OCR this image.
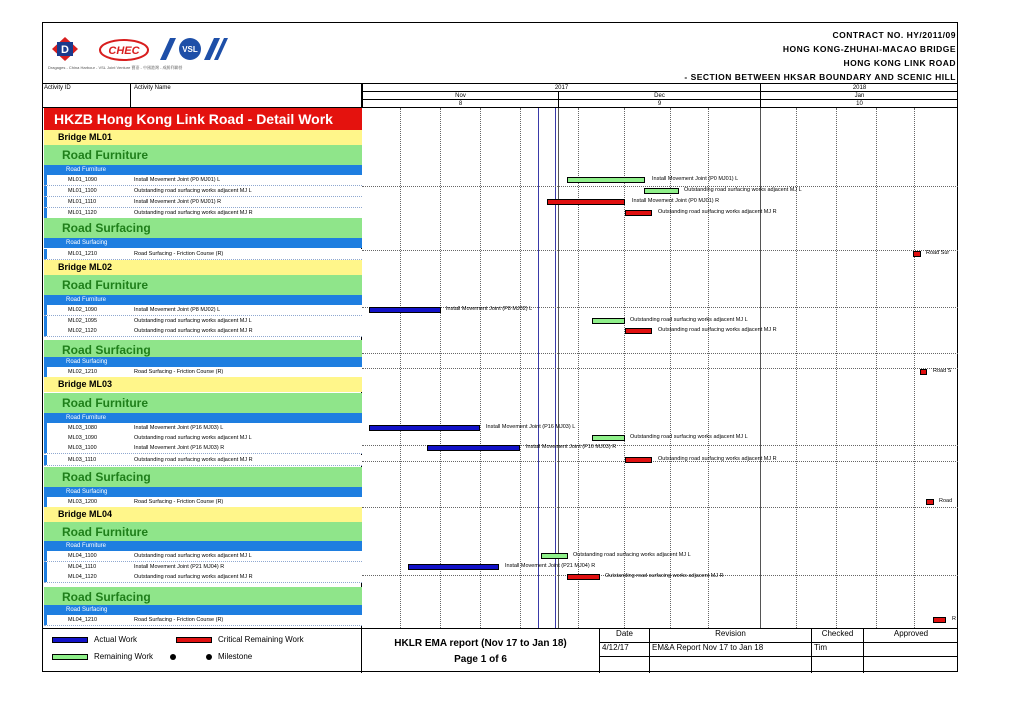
D	CHEC	VSL
Dragages - China Harbour - VSL Joint Venture 寶嘉 - 中國港灣 - 威勝利聯營
CONTRACT NO. HY/2011/09
HONG KONG-ZHUHAI-MACAO BRIDGE
HONG KONG LINK ROAD
- SECTION BETWEEN HKSAR BOUNDARY AND SCENIC HILL
Activity ID	Activity Name	2017	2018
Nov	Dec	Jan
8	9	10
HKZB Hong Kong Link Road - Detail Work
Bridge ML01
Road Furniture
Road Furniture
ML01_1090	Install Movement Joint (P0 MJ01) L
ML01_1100	Outstanding road surfacing works adjacent MJ L
ML01_1110	Install Movement Joint (P0 MJ01) R
ML01_1120	Outstanding road surfacing works adjacent MJ R
Road Surfacing
Road Surfacing
ML01_1210	Road Surfacing - Friction Course (R)
Bridge ML02
Road Furniture
Road Furniture
ML02_1090	Install Movement Joint (P8 MJ02) L
ML02_1095	Outstanding road surfacing works adjacent MJ L
ML02_1120	Outstanding road surfacing works adjacent MJ R
Road Surfacing
Road Surfacing
ML02_1210	Road Surfacing - Friction Course (R)
Bridge ML03
Road Furniture
Road Furniture
ML03_1080	Install Movement Joint (P16 MJ03) L
ML03_1090	Outstanding road surfacing works adjacent MJ L
ML03_1100	Install Movement Joint (P16 MJ03) R
ML03_1110	Outstanding road surfacing works adjacent MJ R
Road Surfacing
Road Surfacing
ML03_1200	Road Surfacing - Friction Course (R)
Bridge ML04
Road Furniture
Road Furniture
ML04_1100	Outstanding road surfacing works adjacent MJ L
ML04_1110	Install Movement Joint (P21 MJ04) R
ML04_1120	Outstanding road surfacing works adjacent MJ R
Road Surfacing
Road Surfacing
ML04_1210	Road Surfacing - Friction Course (R)
Install Movement Joint (P0 MJ01) L
Outstanding road surfacing works adjacent MJ L
Install Movement Joint (P0 MJ01) R
Outstanding road surfacing works adjacent MJ R
Road Sur
Install Movement Joint (P8 MJ02) L
Outstanding road surfacing works adjacent MJ L
Outstanding road surfacing works adjacent MJ R
Road S
Install Movement Joint (P16 MJ03) L
Outstanding road surfacing works adjacent MJ L
Install Movement Joint (P16 MJ03) R
Outstanding road surfacing works adjacent MJ R
Road
Outstanding road surfacing works adjacent MJ L
Install Movement Joint (P21 MJ04) R
Outstanding road surfacing works adjacent MJ R
R
Actual Work	Critical Remaining Work
Remaining Work	Milestone
HKLR EMA report (Nov 17 to Jan 18)
Page 1 of 6
Date	Revision	Checked	Approved
4/12/17	EM&A Report Nov 17 to Jan 18	Tim
